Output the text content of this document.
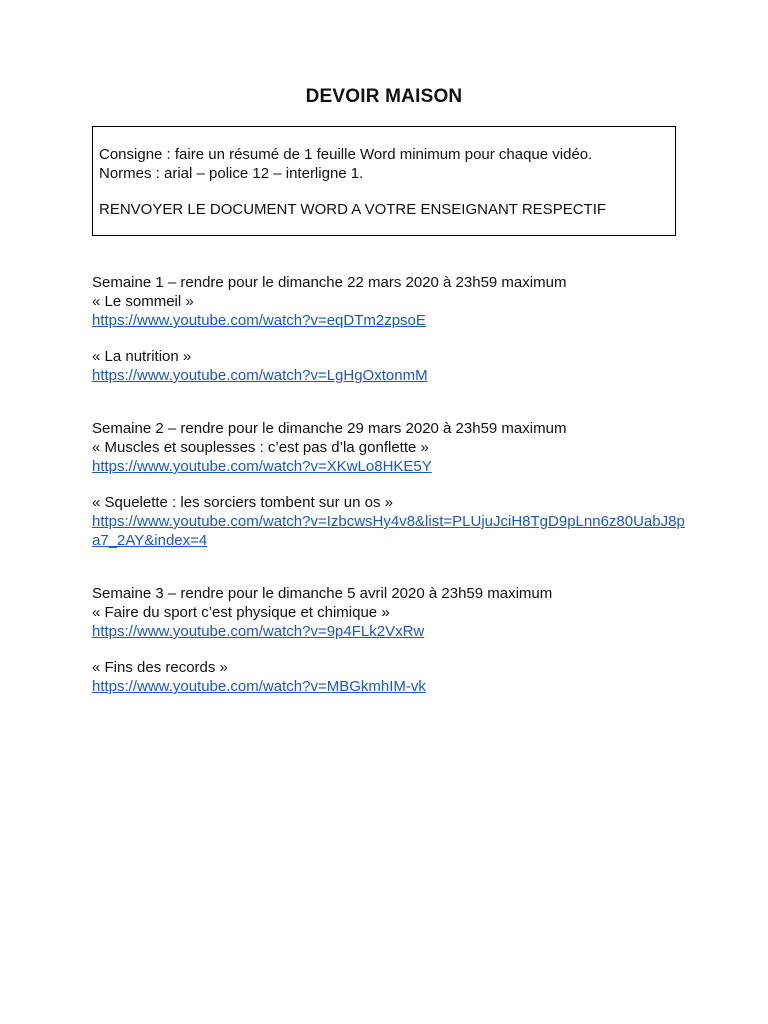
DEVOIR MAISON

Consigne : faire un résumé de 1 feuille Word minimum pour chaque vidéo.

Normes : arial – police 12 – interligne 1.

RENVOYER LE DOCUMENT WORD A VOTRE ENSEIGNANT RESPECTIF

Semaine 1 – rendre pour le dimanche 22 mars 2020 à 23h59 maximum

« Le sommeil »

https://www.youtube.com/watch?v=eqDTm2zpsoE

« La nutrition »

https://www.youtube.com/watch?v=LgHgOxtonmM

Semaine 2 – rendre pour le dimanche 29 mars 2020 à 23h59 maximum

« Muscles et souplesses : c’est pas d’la gonflette »

https://www.youtube.com/watch?v=XKwLo8HKE5Y

« Squelette : les sorciers tombent sur un os »

https://www.youtube.com/watch?v=IzbcwsHy4v8&list=PLUjuJciH8TgD9pLnn6z80UabJ8pa7_2AY&index=4

Semaine 3 – rendre pour le dimanche 5 avril 2020 à 23h59 maximum

« Faire du sport c’est physique et chimique »

https://www.youtube.com/watch?v=9p4FLk2VxRw

« Fins des records »

https://www.youtube.com/watch?v=MBGkmhIM-vk
